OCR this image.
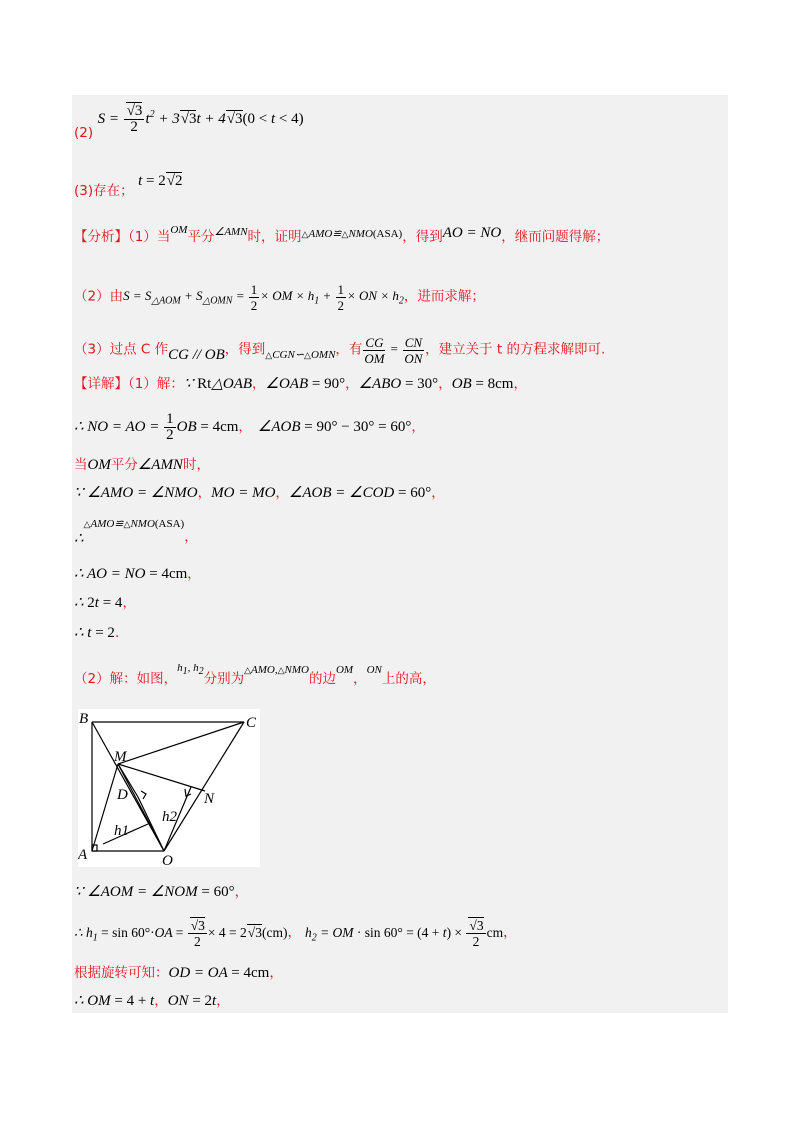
(2) $S = \frac{√3}{2} t^2 + 3√3t + 4√3(0 < t < 4)$
(3)存在； t = 2√2
【分析】（1）当$^{OM}$平分$^{\angle AMN}$时，证明$^{\triangle AMO≌\triangle NMO(ASA)}$，得到AO = NO，继而问题得解；
（2）由$S = S_{\triangle AOM} + S_{\triangle OMN} = \frac{1}{2}$ × OM × $h_1 + \frac{1}{2}$ × ON × $h_2$，进而求解；
（3）过点 C 作CG // OB，得到$_{\triangle CGN∽\triangle OMN}$，有 $\frac{CG}{OM} = \frac{CN}{ON}$ ，建立关于 t 的方程求解即可.
【详解】（1）解：∵ Rt△OAB，∠OAB = 90°，∠ABO = 30°，OB = 8cm，
∴ NO = AO = $\frac{1}{2}$ OB = 4cm， ∠AOB = 90° − 30° = 60°，
当OM平分∠AMN时，
∵ ∠AMO = ∠NMO，MO = MO，∠AOB = ∠COD = 60°，
∴△AMO≌△NMO(ASA)，
∴ AO = NO = 4cm，
∴ 2t = 4，
∴ t = 2.
（2）解：如图，$^{h_1, h_2}$分别为△AMO,△NMO的边OM，ON上的高，
B	C
M
D	N
h2
h1
A	O
∵ ∠AOM = ∠NOM = 60°，
∴ $h_1 = \sin 60^\circ\cdot OA = \frac{√3}{2} \times 4 = 2√3(cm)$， $h_2$ = OM · $\sin 60^\circ = (4 + t) \times \frac{√3}{2}$ cm，
根据旋转可知：OD = OA = 4cm，
∴ OM = 4 + t，ON = 2t，
